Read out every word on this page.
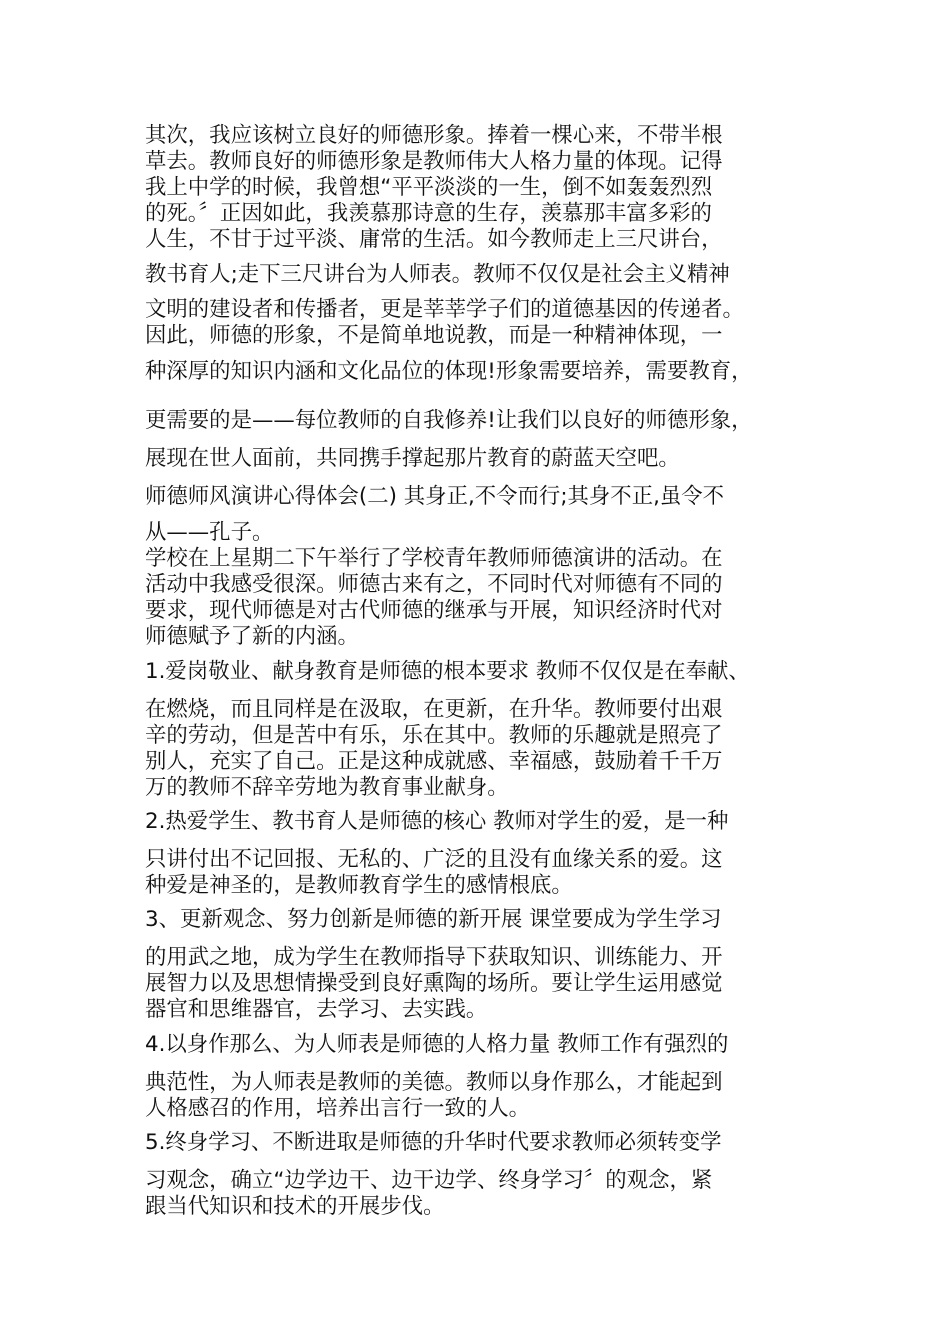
其次，我应该树立良好的师德形象。捧着一棵心来，不带半根
草去。教师良好的师德形象是教师伟大人格力量的体现。记得
我上中学的时候，我曾想“平平淡淡的一生，倒不如轰轰烈烈
的死。〞正因如此，我羡慕那诗意的生存，羡慕那丰富多彩的
人生，不甘于过平淡、庸常的生活。如今教师走上三尺讲台，
教书育人;走下三尺讲台为人师表。教师不仅仅是社会主义精神
文明的建设者和传播者，更是莘莘学子们的道德基因的传递者。
因此，师德的形象，不是简单地说教，而是一种精神体现，一
种深厚的知识内涵和文化品位的体现!形象需要培养，需要教育，
更需要的是——每位教师的自我修养!让我们以良好的师德形象，
展现在世人面前，共同携手撑起那片教育的蔚蓝天空吧。
师德师风演讲心得体会(二) 其身正,不令而行;其身不正,虽令不
从——孔子。
学校在上星期二下午举行了学校青年教师师德演讲的活动。在
活动中我感受很深。师德古来有之，不同时代对师德有不同的
要求，现代师德是对古代师德的继承与开展，知识经济时代对
师德赋予了新的内涵。
1.爱岗敬业、献身教育是师德的根本要求 教师不仅仅是在奉献、
在燃烧，而且同样是在汲取，在更新，在升华。教师要付出艰
辛的劳动，但是苦中有乐，乐在其中。教师的乐趣就是照亮了
别人，充实了自己。正是这种成就感、幸福感，鼓励着千千万
万的教师不辞辛劳地为教育事业献身。
2.热爱学生、教书育人是师德的核心 教师对学生的爱，是一种
只讲付出不记回报、无私的、广泛的且没有血缘关系的爱。这
种爱是神圣的，是教师教育学生的感情根底。
3、更新观念、努力创新是师德的新开展 课堂要成为学生学习
的用武之地，成为学生在教师指导下获取知识、训练能力、开
展智力以及思想情操受到良好熏陶的场所。要让学生运用感觉
器官和思维器官，去学习、去实践。
4.以身作那么、为人师表是师德的人格力量 教师工作有强烈的
典范性，为人师表是教师的美德。教师以身作那么，才能起到
人格感召的作用，培养出言行一致的人。
5.终身学习、不断进取是师德的升华时代要求教师必须转变学
习观念，确立“边学边干、边干边学、终身学习〞的观念，紧
跟当代知识和技术的开展步伐。
